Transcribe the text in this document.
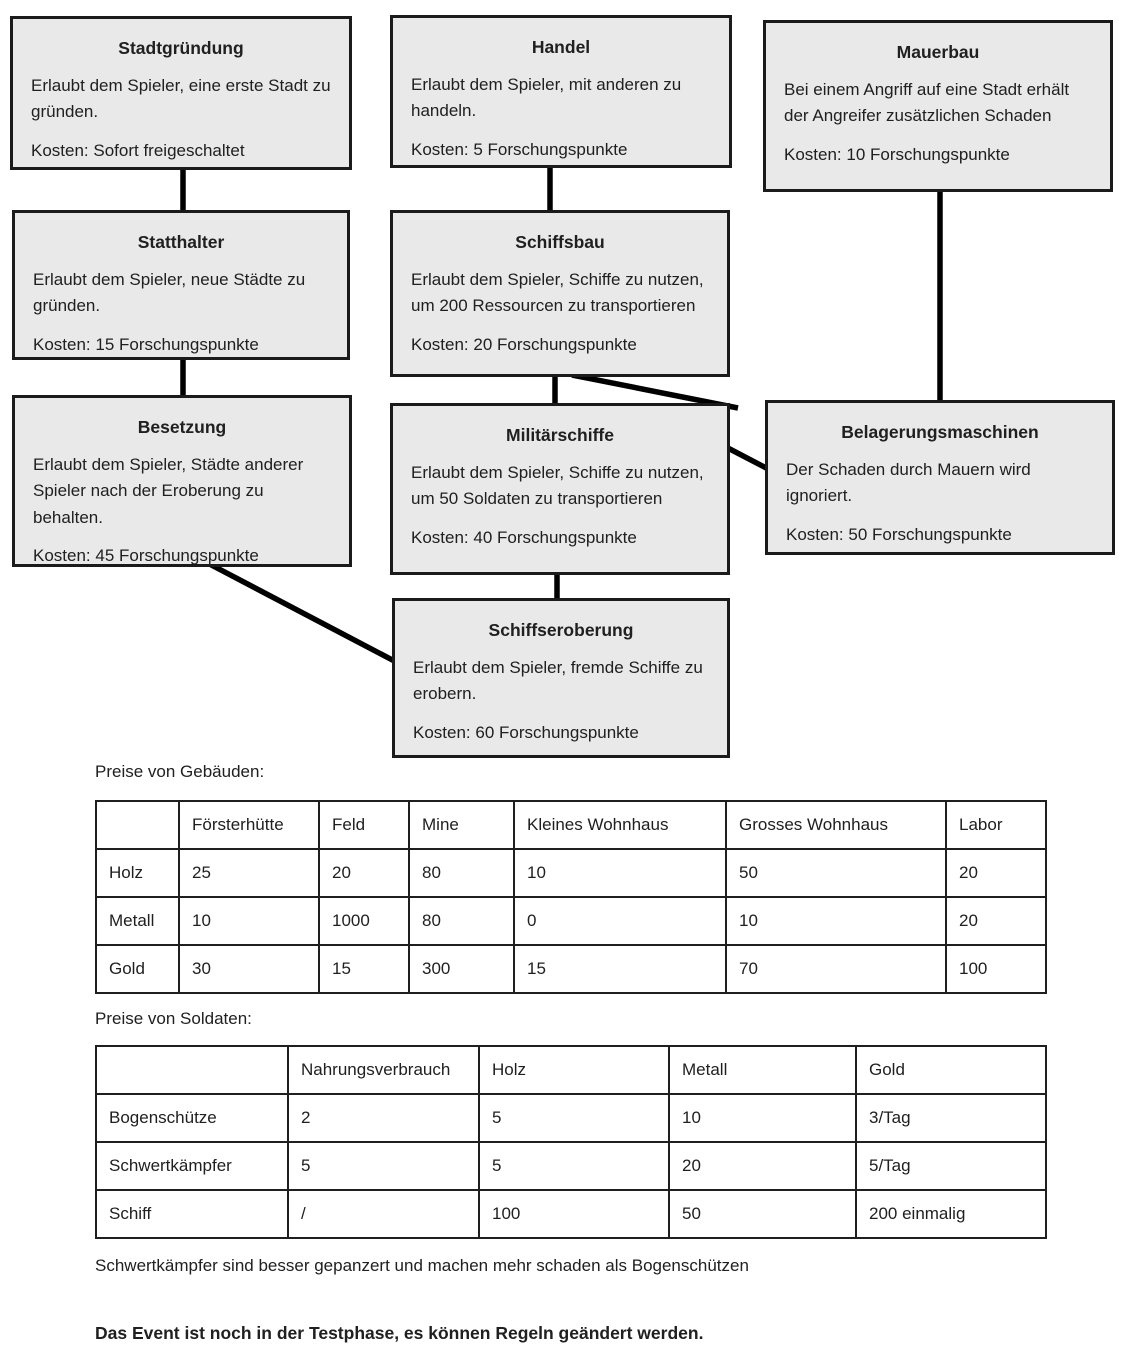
Stadtgründung

Erlaubt dem Spieler, eine erste Stadt zu gründen.

Kosten: Sofort freigeschaltet

Handel

Erlaubt dem Spieler, mit anderen zu handeln.

Kosten: 5 Forschungspunkte

Mauerbau

Bei einem Angriff auf eine Stadt erhält der Angreifer zusätzlichen Schaden

Kosten: 10 Forschungspunkte

Statthalter

Erlaubt dem Spieler, neue Städte zu gründen.

Kosten: 15 Forschungspunkte

Schiffsbau

Erlaubt dem Spieler, Schiffe zu nutzen, um 200 Ressourcen zu transportieren

Kosten: 20 Forschungspunkte

Besetzung

Erlaubt dem Spieler, Städte anderer Spieler nach der Eroberung zu behalten.

Kosten: 45 Forschungspunkte

Militärschiffe

Erlaubt dem Spieler, Schiffe zu nutzen, um 50 Soldaten zu transportieren

Kosten: 40 Forschungspunkte

Belagerungsmaschinen

Der Schaden durch Mauern wird ignoriert.

Kosten: 50 Forschungspunkte

Schiffseroberung

Erlaubt dem Spieler, fremde Schiffe zu erobern.

Kosten: 60 Forschungspunkte

Preise von Gebäuden:
	Försterhütte	Feld	Mine	Kleines Wohnhaus	Grosses Wohnhaus	Labor
Holz	25	20	80	10	50	20
Metall	10	1000	80	0	10	20
Gold	30	15	300	15	70	100
Preise von Soldaten:
	Nahrungsverbrauch	Holz	Metall	Gold
Bogenschütze	2	5	10	3/Tag
Schwertkämpfer	5	5	20	5/Tag
Schiff	/	100	50	200 einmalig
Schwertkämpfer sind besser gepanzert und machen mehr schaden als Bogenschützen
Das Event ist noch in der Testphase, es können Regeln geändert werden.
